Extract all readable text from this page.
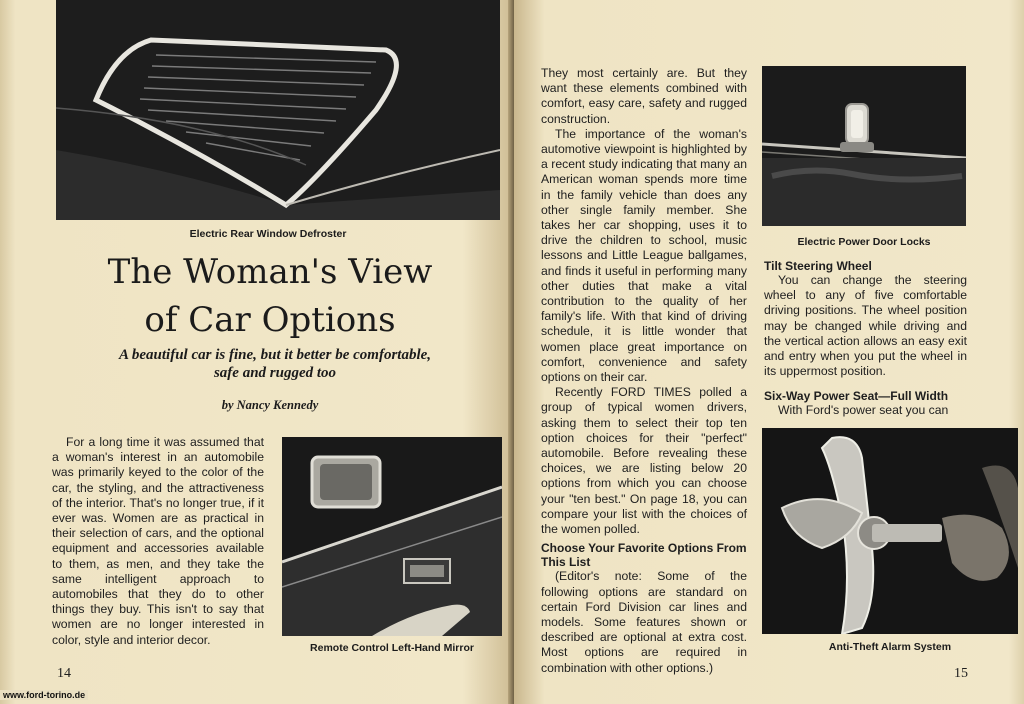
Electric Rear Window Defroster
The Woman's View
of Car Options
A beautiful car is fine, but it better be comfortable, safe and rugged too
by Nancy Kennedy

For a long time it was assumed that a woman's interest in an automobile was primarily keyed to the color of the car, the styling, and the attractiveness of the interior. That's no longer true, if it ever was. Women are as practical in their selection of cars, and the optional equipment and accessories available to them, as men, and they take the same intelligent approach to automobiles that they do to other things they buy. This isn't to say that women are no longer interested in color, style and interior decor.

Remote Control Left-Hand Mirror
14
www.ford-torino.de

They most certainly are. But they want these elements combined with comfort, easy care, safety and rugged construction.

The importance of the woman's automotive viewpoint is highlighted by a recent study indicating that many an American woman spends more time in the family vehicle than does any other single family member. She takes her car shopping, uses it to drive the children to school, music lessons and Little League ballgames, and finds it useful in performing many other duties that make a vital contribution to the quality of her family's life. With that kind of driving schedule, it is little wonder that women place great importance on comfort, convenience and safety options on their car.

Recently FORD TIMES polled a group of typical women drivers, asking them to select their top ten option choices for their "perfect" automobile. Before revealing these choices, we are listing below 20 options from which you can choose your "ten best." On page 18, you can compare your list with the choices of the women polled.

Choose Your Favorite Options From This List

(Editor's note: Some of the following options are standard on certain Ford Division car lines and models. Some features shown or described are optional at extra cost. Most options are required in combination with other options.)

Electric Power Door Locks
Tilt Steering Wheel

You can change the steering wheel to any of five comfortable driving positions. The wheel position may be changed while driving and the vertical action allows an easy exit and entry when you put the wheel in its uppermost position.

Six-Way Power Seat—Full Width

With Ford's power seat you can

Anti-Theft Alarm System
15
